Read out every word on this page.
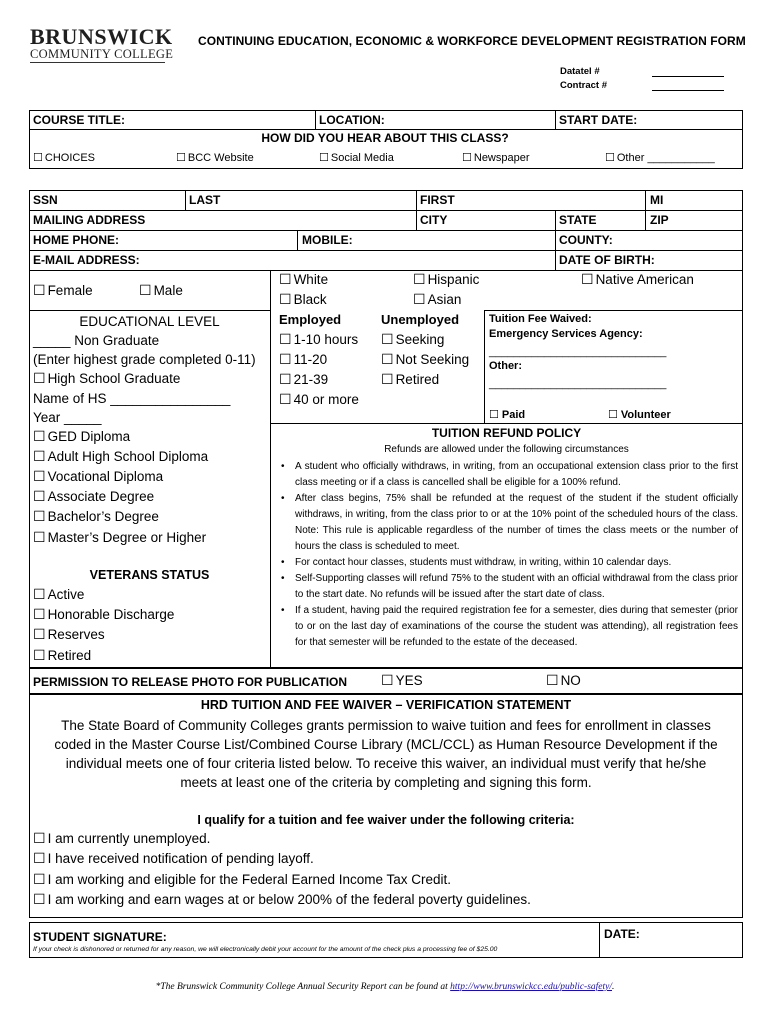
BRUNSWICK
COMMUNITY COLLEGE
CONTINUING EDUCATION, ECONOMIC & WORKFORCE DEVELOPMENT REGISTRATION FORM
Datatel #
Contract #
COURSE TITLE:	LOCATION:	START DATE:
HOW DID YOU HEAR ABOUT THIS CLASS?
☐ CHOICES	☐ BCC Website	☐ Social Media	☐ Newspaper	☐ Other ___________
SSN	LAST	FIRST	MI
MAILING ADDRESS	CITY	STATE	ZIP
HOME PHONE:	MOBILE:	COUNTY:
E-MAIL ADDRESS:	DATE OF BIRTH:
☐ Female	☐ Male
☐ White	☐ Hispanic	☐ Native American
☐ Black	☐ Asian
EDUCATIONAL LEVEL
_____ Non Graduate
(Enter highest grade completed 0-11)
☐ High School Graduate
Name of HS ________________
Year _____
☐ GED Diploma
☐ Adult High School Diploma
☐ Vocational Diploma
☐ Associate Degree
☐ Bachelor’s Degree
☐ Master’s Degree or Higher
VETERANS STATUS
☐ Active
☐ Honorable Discharge
☐ Reserves
☐ Retired
Employed	Unemployed
☐ 1-10 hours	☐ Seeking
☐ 11-20	☐ Not Seeking
☐ 21-39	☐ Retired
☐ 40 or more
Tuition Fee Waived:
Emergency Services Agency:
_____________________________
Other:
_____________________________
☐ Paid	☐ Volunteer
TUITION REFUND POLICY
Refunds are allowed under the following circumstances
• A student who officially withdraws, in writing, from an occupational extension class prior to the first class meeting or if a class is cancelled shall be eligible for a 100% refund.
• After class begins, 75% shall be refunded at the request of the student if the student officially withdraws, in writing, from the class prior to or at the 10% point of the scheduled hours of the class. Note: This rule is applicable regardless of the number of times the class meets or the number of hours the class is scheduled to meet.
• For contact hour classes, students must withdraw, in writing, within 10 calendar days.
• Self-Supporting classes will refund 75% to the student with an official withdrawal from the class prior to the start date. No refunds will be issued after the start date of class.
• If a student, having paid the required registration fee for a semester, dies during that semester (prior to or on the last day of examinations of the course the student was attending), all registration fees for that semester will be refunded to the estate of the deceased.
PERMISSION TO RELEASE PHOTO FOR PUBLICATION	☐ YES	☐ NO
HRD TUITION AND FEE WAIVER – VERIFICATION STATEMENT
The State Board of Community Colleges grants permission to waive tuition and fees for enrollment in classes
coded in the Master Course List/Combined Course Library (MCL/CCL) as Human Resource Development if the
individual meets one of four criteria listed below. To receive this waiver, an individual must verify that he/she
meets at least one of the criteria by completing and signing this form.
I qualify for a tuition and fee waiver under the following criteria:
☐ I am currently unemployed.
☐ I have received notification of pending layoff.
☐ I am working and eligible for the Federal Earned Income Tax Credit.
☐ I am working and earn wages at or below 200% of the federal poverty guidelines.
STUDENT SIGNATURE:	DATE:
If your check is dishonored or returned for any reason, we will electronically debit your account for the amount of the check plus a processing fee of $25.00
*The Brunswick Community College Annual Security Report can be found at http://www.brunswickcc.edu/public-safety/.
